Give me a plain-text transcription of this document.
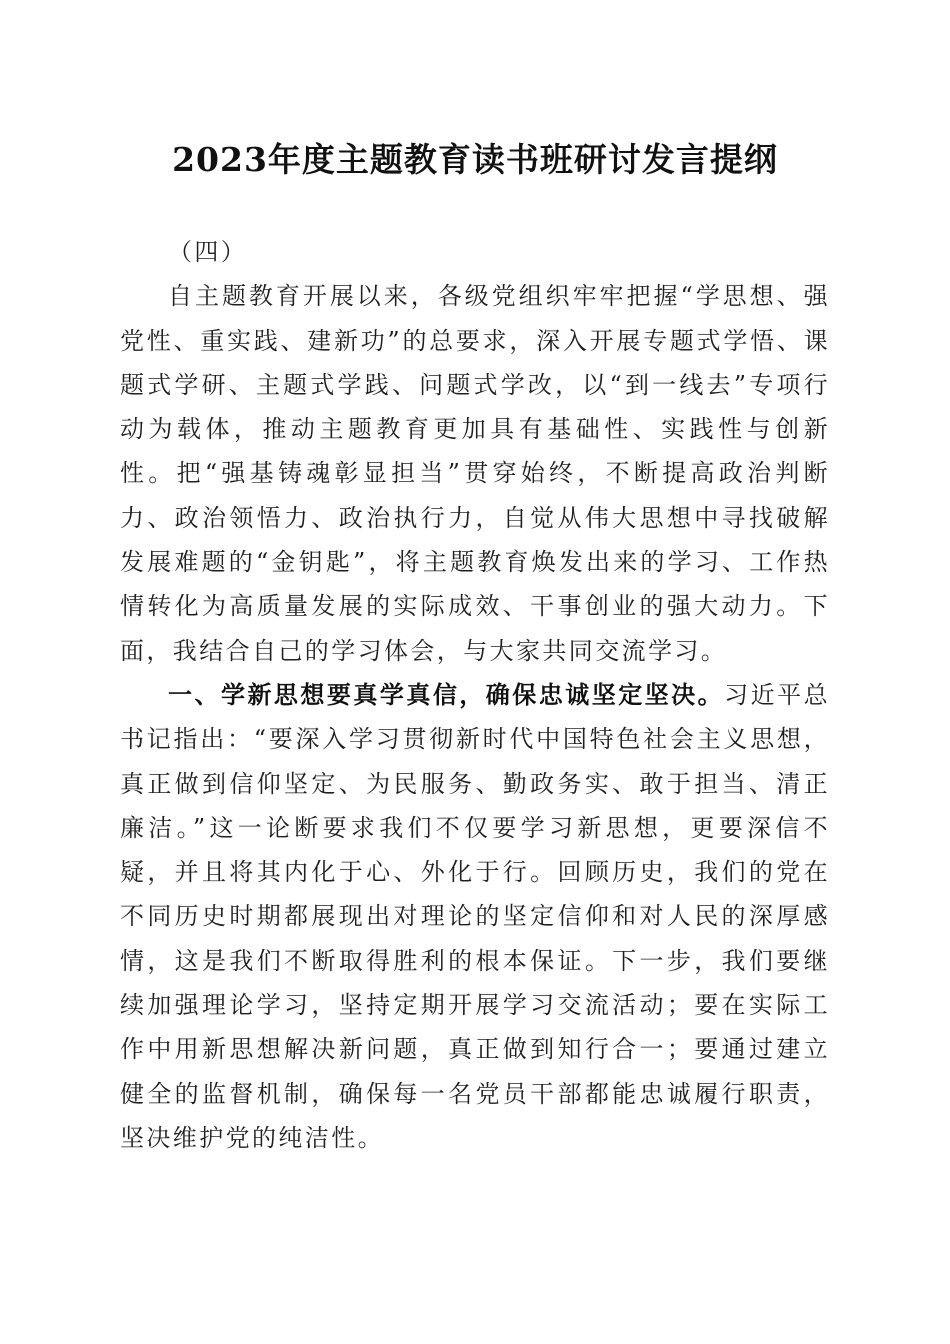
2023年度主题教育读书班研讨发言提纲

（四）

自主题教育开展以来，各级党组织牢牢把握“学思想、强党性、重实践、建新功”的总要求，深入开展专题式学悟、课题式学研、主题式学践、问题式学改，以“到一线去”专项行动为载体，推动主题教育更加具有基础性、实践性与创新性。把“强基铸魂彰显担当”贯穿始终，不断提高政治判断力、政治领悟力、政治执行力，自觉从伟大思想中寻找破解发展难题的“金钥匙”，将主题教育焕发出来的学习、工作热情转化为高质量发展的实际成效、干事创业的强大动力。下面，我结合自己的学习体会，与大家共同交流学习。

一、学新思想要真学真信，确保忠诚坚定坚决。习近平总书记指出：“要深入学习贯彻新时代中国特色社会主义思想，真正做到信仰坚定、为民服务、勤政务实、敢于担当、清正廉洁。”这一论断要求我们不仅要学习新思想，更要深信不疑，并且将其内化于心、外化于行。回顾历史，我们的党在不同历史时期都展现出对理论的坚定信仰和对人民的深厚感情，这是我们不断取得胜利的根本保证。下一步，我们要继续加强理论学习，坚持定期开展学习交流活动；要在实际工作中用新思想解决新问题，真正做到知行合一；要通过建立健全的监督机制，确保每一名党员干部都能忠诚履行职责，坚决维护党的纯洁性。
